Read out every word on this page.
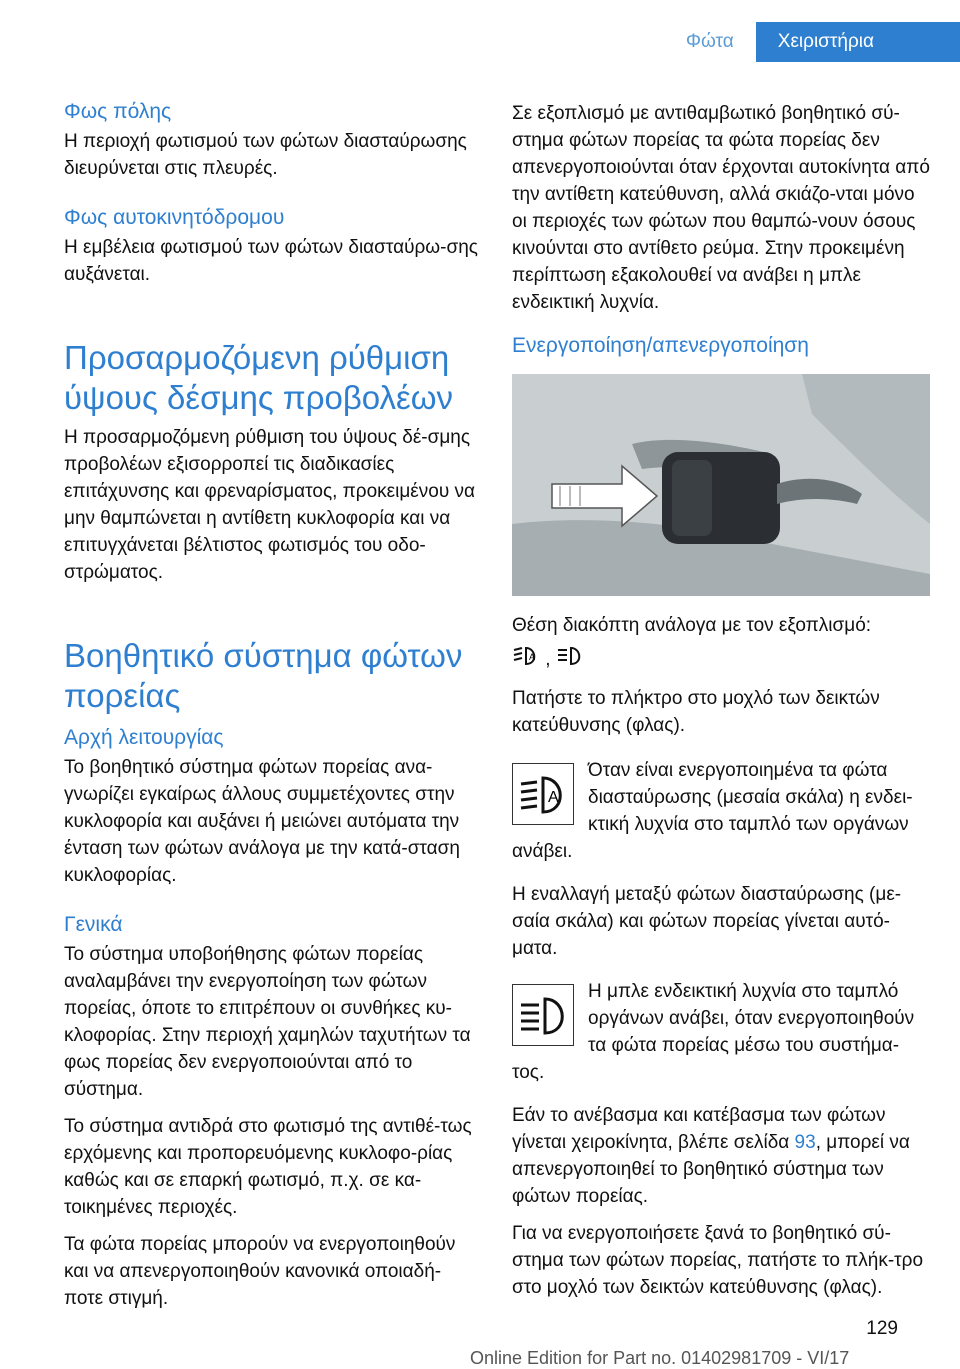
Φώτα	Χειριστήρια
Φως πόλης

Η περιοχή φωτισμού των φώτων διασταύρωσης διευρύνεται στις πλευρές.

Φως αυτοκινητόδρομου

Η εμβέλεια φωτισμού των φώτων διασταύρω-σης αυξάνεται.

Προσαρμοζόμενη ρύθμιση ύψους δέσμης προβολέων

Η προσαρμοζόμενη ρύθμιση του ύψους δέ-σμης προβολέων εξισορροπεί τις διαδικασίες επιτάχυνσης και φρεναρίσματος, προκειμένου να μην θαμπώνεται η αντίθετη κυκλοφορία και να επιτυγχάνεται βέλτιστος φωτισμός του οδο-στρώματος.

Βοηθητικό σύστημα φώτων πορείας
Αρχή λειτουργίας

Το βοηθητικό σύστημα φώτων πορείας ανα-γνωρίζει εγκαίρως άλλους συμμετέχοντες στην κυκλοφορία και αυξάνει ή μειώνει αυτόματα την ένταση των φώτων ανάλογα με την κατά-σταση κυκλοφορίας.

Γενικά

Το σύστημα υποβοήθησης φώτων πορείας αναλαμβάνει την ενεργοποίηση των φώτων πορείας, όποτε το επιτρέπουν οι συνθήκες κυ-κλοφορίας. Στην περιοχή χαμηλών ταχυτήτων τα φως πορείας δεν ενεργοποιούνται από το σύστημα.

Το σύστημα αντιδρά στο φωτισμό της αντιθέ-τως ερχόμενης και προπορευόμενης κυκλοφο-ρίας καθώς και σε επαρκή φωτισμό, π.χ. σε κα-τοικημένες περιοχές.

Τα φώτα πορείας μπορούν να ενεργοποιηθούν και να απενεργοποιηθούν κανονικά οποιαδή-ποτε στιγμή.

Σε εξοπλισμό με αντιθαμβωτικό βοηθητικό σύ-στημα φώτων πορείας τα φώτα πορείας δεν απενεργοποιούνται όταν έρχονται αυτοκίνητα από την αντίθετη κατεύθυνση, αλλά σκιάζο-νται μόνο οι περιοχές των φώτων που θαμπώ-νουν όσους κινούνται στο αντίθετο ρεύμα. Στην προκειμένη περίπτωση εξακολουθεί να ανάβει η μπλε ενδεικτική λυχνία.

Ενεργοποίηση/απενεργοποίηση

Θέση διακόπτη ανάλογα με τον εξοπλισμό:

A ,

Πατήστε το πλήκτρο στο μοχλό των δεικτών κατεύθυνσης (φλας).

A
Όταν είναι ενεργοποιημένα τα φώτα διασταύρωσης (μεσαία σκάλα) η ενδει-κτική λυχνία στο ταμπλό των οργάνων ανάβει.

Η εναλλαγή μεταξύ φώτων διασταύρωσης (με-σαία σκάλα) και φώτων πορείας γίνεται αυτό-ματα.

Η μπλε ενδεικτική λυχνία στο ταμπλό οργάνων ανάβει, όταν ενεργοποιηθούν τα φώτα πορείας μέσω του συστήμα-τος.

Εάν το ανέβασμα και κατέβασμα των φώτων γίνεται χειροκίνητα, βλέπε σελίδα 93, μπορεί να απενεργοποιηθεί το βοηθητικό σύστημα των φώτων πορείας.

Για να ενεργοποιήσετε ξανά το βοηθητικό σύ-στημα των φώτων πορείας, πατήστε το πλήκ-τρο στο μοχλό των δεικτών κατεύθυνσης (φλας).

129
Online Edition for Part no. 01402981709 - VI/17
